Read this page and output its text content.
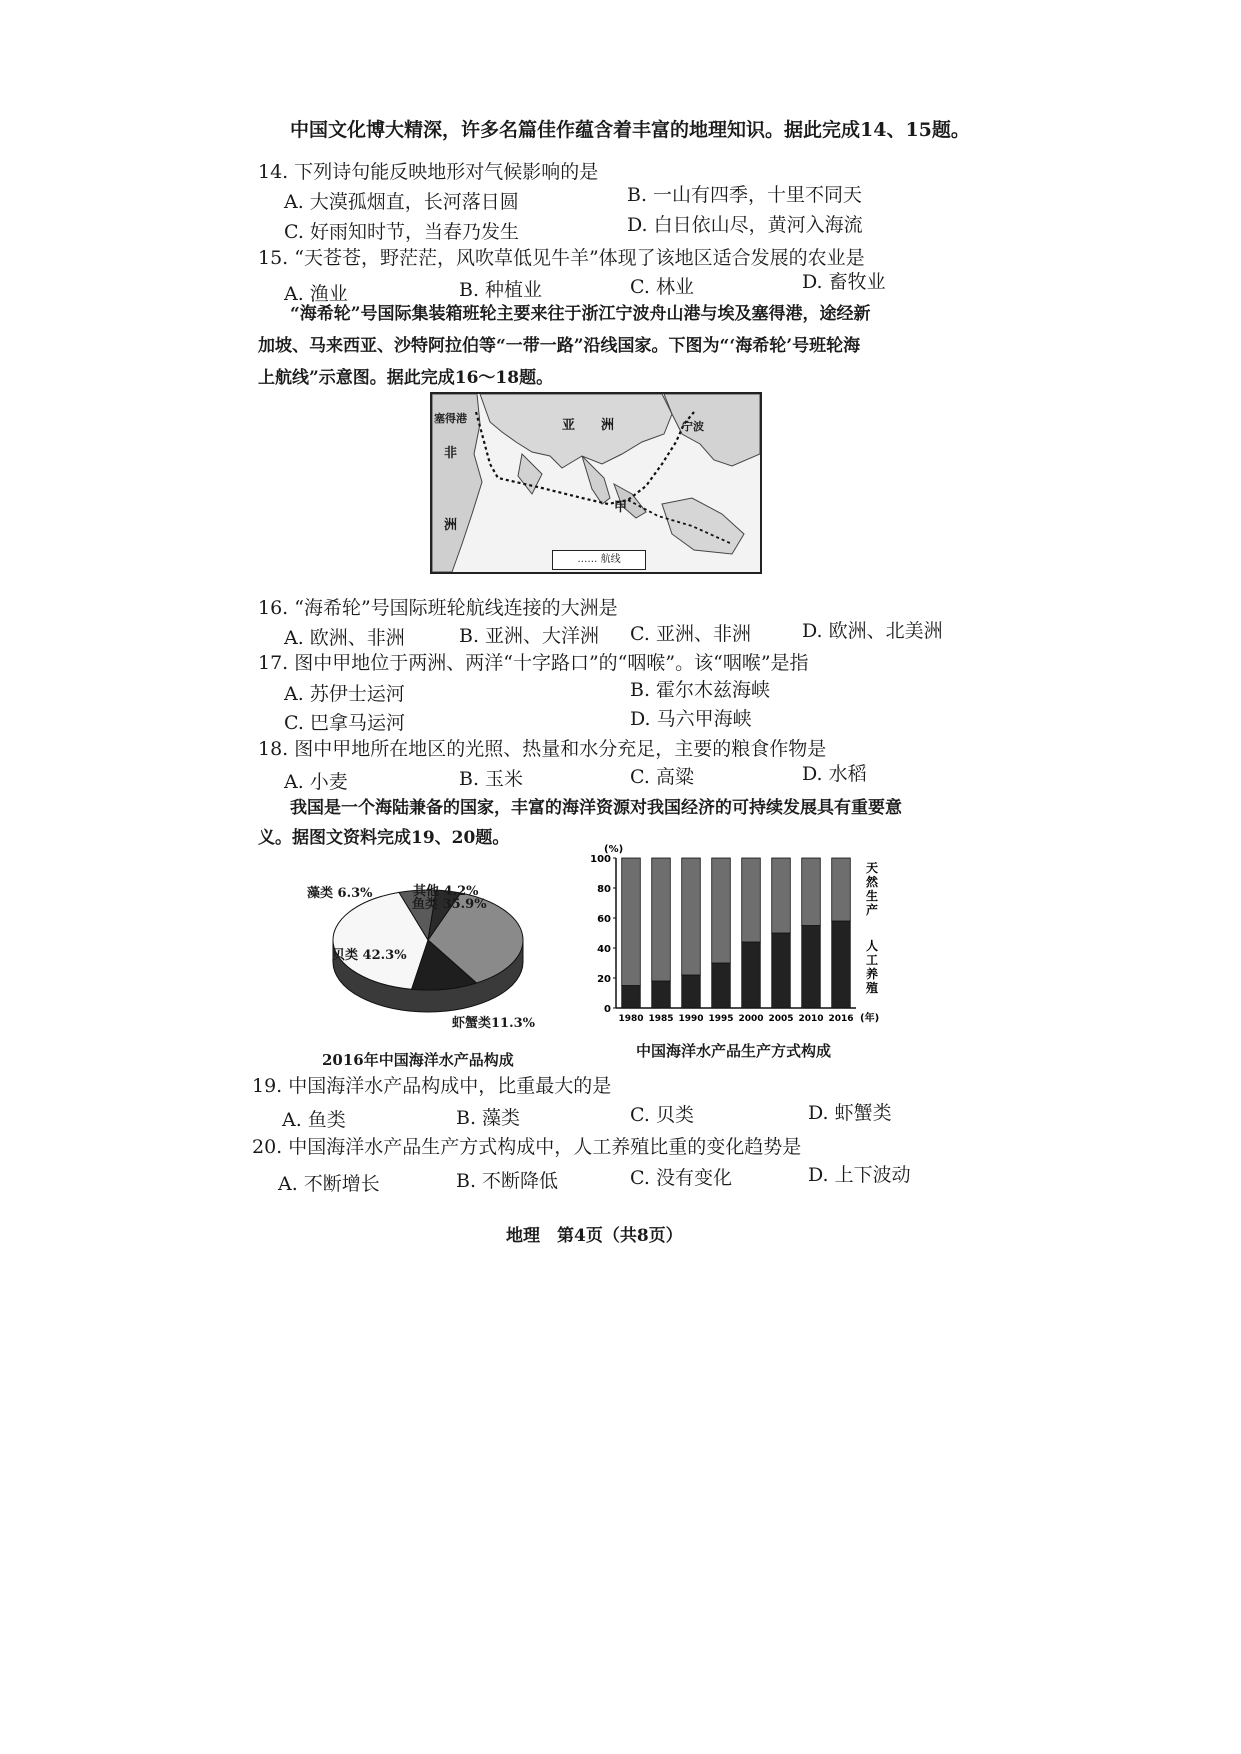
中国文化博大精深，许多名篇佳作蕴含着丰富的地理知识。据此完成14、15题。
14. 下列诗句能反映地形对气候影响的是
A. 大漠孤烟直，长河落日圆	B. 一山有四季，十里不同天
C. 好雨知时节，当春乃发生	D. 白日依山尽，黄河入海流
15. “天苍苍，野茫茫，风吹草低见牛羊”体现了该地区适合发展的农业是
A. 渔业	B. 种植业	C. 林业	D. 畜牧业
“海希轮”号国际集装箱班轮主要来往于浙江宁波舟山港与埃及塞得港，途经新
加坡、马来西亚、沙特阿拉伯等“一带一路”沿线国家。下图为“‘海希轮’号班轮海
上航线”示意图。据此完成16～18题。
塞得港
宁波
亚　　洲
非
洲
甲
…… 航线
16. “海希轮”号国际班轮航线连接的大洲是
A. 欧洲、非洲	B. 亚洲、大洋洲 C. 亚洲、非洲	D. 欧洲、北美洲
17. 图中甲地位于两洲、两洋“十字路口”的“咽喉”。该“咽喉”是指
A. 苏伊士运河	B. 霍尔木兹海峡
C. 巴拿马运河	D. 马六甲海峡
18. 图中甲地所在地区的光照、热量和水分充足，主要的粮食作物是
A. 小麦	B. 玉米	C. 高粱	D. 水稻
我国是一个海陆兼备的国家，丰富的海洋资源对我国经济的可持续发展具有重要意
义。据图文资料完成19、20题。
鱼类 35.9%
虾蟹类11.3%
贝类 42.3%
藻类 6.3%	其他 4.2%
2016年中国海洋水产品构成
0
20
40
60
80
100
(%)
1980 1985 1990 1995 2000 2005 2010 2016 (年)
天
然
生
产
人
工
养
殖
中国海洋水产品生产方式构成
19. 中国海洋水产品构成中，比重最大的是
A. 鱼类	B. 藻类	C. 贝类	D. 虾蟹类
20. 中国海洋水产品生产方式构成中，人工养殖比重的变化趋势是
A. 不断增长	B. 不断降低	C. 没有变化	D. 上下波动
地理　第4页（共8页）
